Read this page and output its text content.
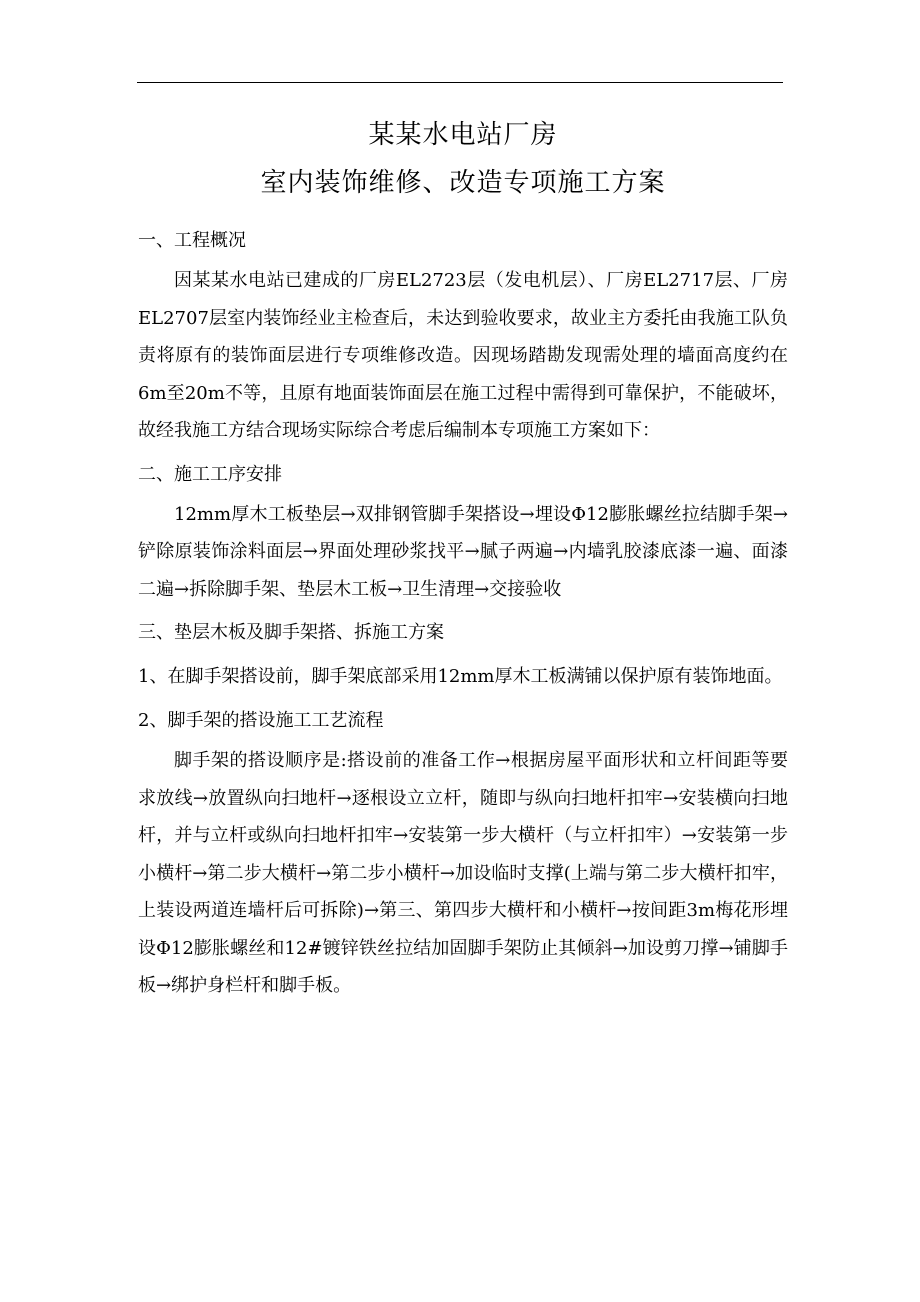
某某水电站厂房
室内装饰维修、改造专项施工方案
一、工程概况

因某某水电站已建成的厂房EL2723层（发电机层）、厂房EL2717层、厂房EL2707层室内装饰经业主检查后，未达到验收要求，故业主方委托由我施工队负责将原有的装饰面层进行专项维修改造。因现场踏勘发现需处理的墙面高度约在6m至20m不等，且原有地面装饰面层在施工过程中需得到可靠保护，不能破坏，故经我施工方结合现场实际综合考虑后编制本专项施工方案如下：

二、施工工序安排

12mm厚木工板垫层→双排钢管脚手架搭设→埋设Φ12膨胀螺丝拉结脚手架→铲除原装饰涂料面层→界面处理砂浆找平→腻子两遍→内墙乳胶漆底漆一遍、面漆二遍→拆除脚手架、垫层木工板→卫生清理→交接验收

三、垫层木板及脚手架搭、拆施工方案

1、在脚手架搭设前，脚手架底部采用12mm厚木工板满铺以保护原有装饰地面。

2、脚手架的搭设施工工艺流程

脚手架的搭设顺序是:搭设前的准备工作→根据房屋平面形状和立杆间距等要求放线→放置纵向扫地杆→逐根设立立杆，随即与纵向扫地杆扣牢→安装横向扫地杆，并与立杆或纵向扫地杆扣牢→安装第一步大横杆（与立杆扣牢）→安装第一步小横杆→第二步大横杆→第二步小横杆→加设临时支撑(上端与第二步大横杆扣牢，上装设两道连墙杆后可拆除)→第三、第四步大横杆和小横杆→按间距3m梅花形埋设Φ12膨胀螺丝和12#镀锌铁丝拉结加固脚手架防止其倾斜→加设剪刀撑→铺脚手板→绑护身栏杆和脚手板。
